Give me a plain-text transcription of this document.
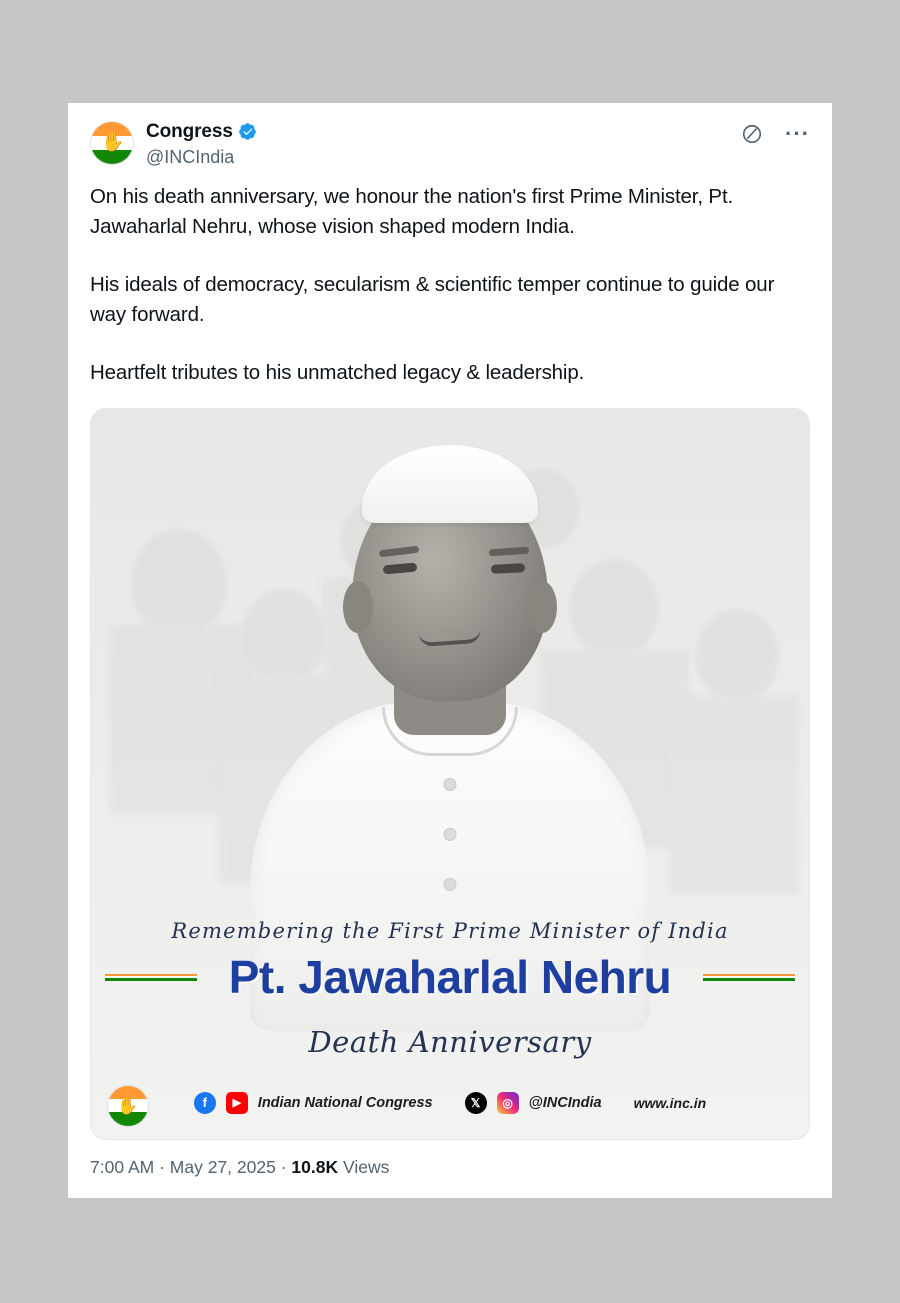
✋
Congress
@INCIndia
···

On his death anniversary, we honour the nation's first Prime Minister, Pt. Jawaharlal Nehru, whose vision shaped modern India.

His ideals of democracy, secularism & scientific temper continue to guide our way forward.

Heartfelt tributes to his unmatched legacy & leadership.

Remembering the First Prime Minister of India
Pt. Jawaharlal Nehru
Death Anniversary
✋	f	▶	Indian National Congress	𝕏	◎	@INCIndia www.inc.in
7:00 AM · May 27, 2025 · 10.8K Views
